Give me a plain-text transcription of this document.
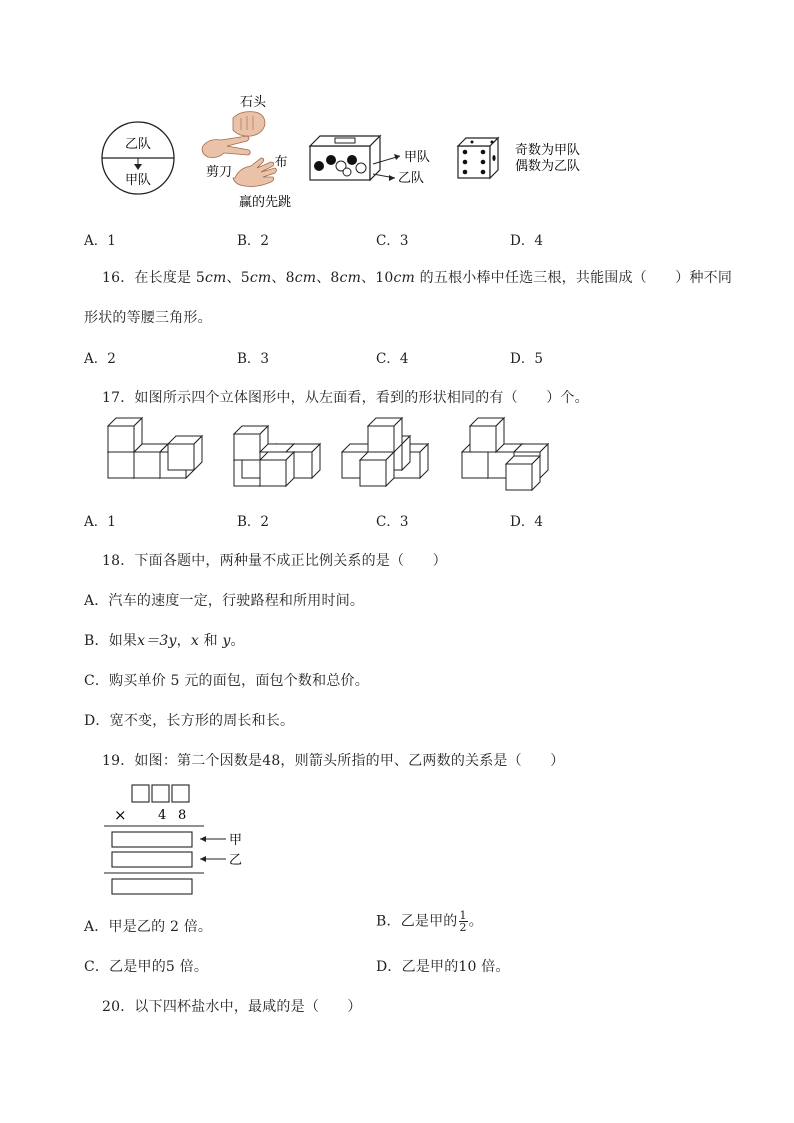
乙队
甲队
石头
剪刀
布
赢的先跳
甲队
乙队
奇数为甲队
偶数为乙队
A．1	B．2	C．3	D．4
16．在长度是 5cm、5cm、8cm、8cm、10cm 的五根小棒中任选三根，共能围成（　　）种不同
形状的等腰三角形。
A．2	B．3	C．4	D．5
17．如图所示四个立体图形中，从左面看，看到的形状相同的有（　　）个。
A．1	B．2	C．3	D．4
18．下面各题中，两种量不成正比例关系的是（　　）
A．汽车的速度一定，行驶路程和所用时间。
B．如果x＝3y，x 和 y。
C．购买单价 5 元的面包，面包个数和总价。
D．宽不变，长方形的周长和长。
19．如图：第二个因数是48，则箭头所指的甲、乙两数的关系是（　　）
× 4 8
甲
乙
A．甲是乙的 2 倍。	B．乙是甲的 $\frac{1}{2}$ 。
C．乙是甲的5 倍。	D．乙是甲的10 倍。
20．以下四杯盐水中，最咸的是（　　）
